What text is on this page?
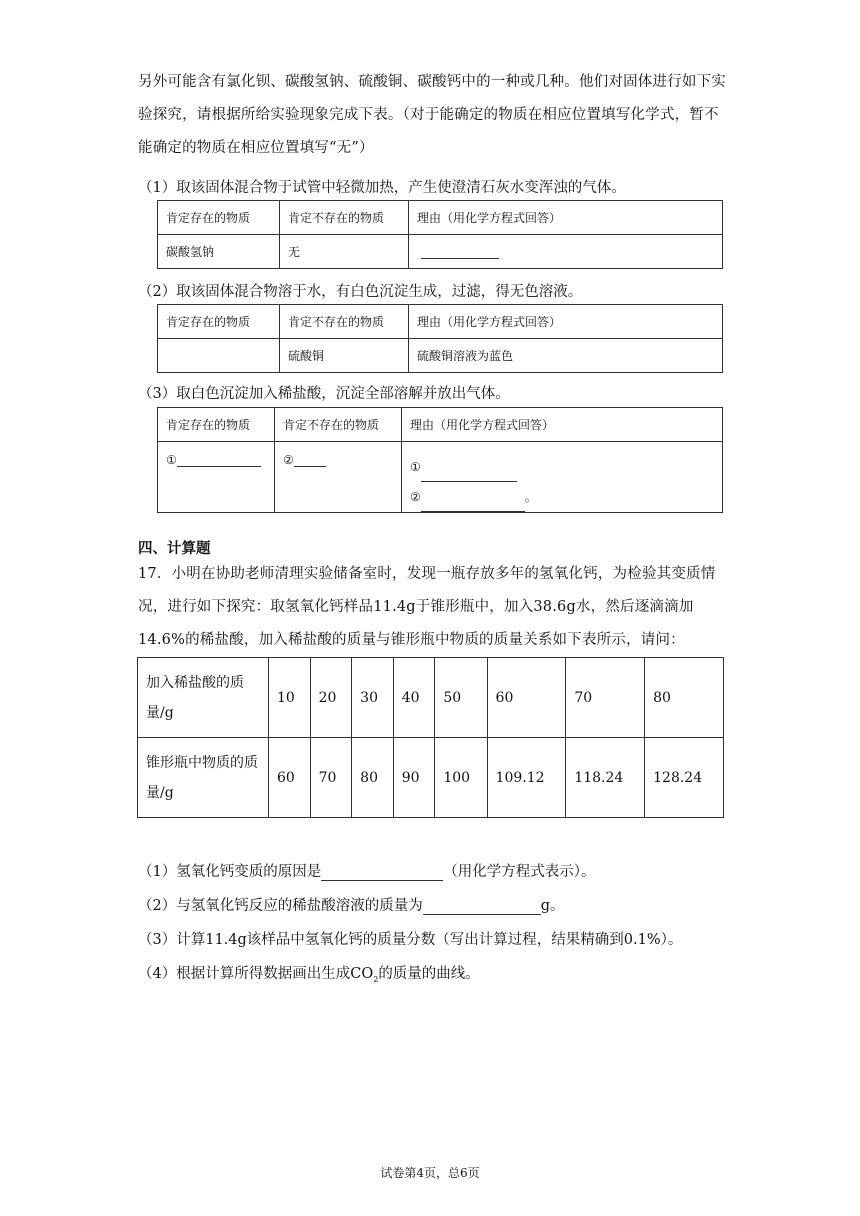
另外可能含有氯化钡、碳酸氢钠、硫酸铜、碳酸钙中的一种或几种。他们对固体进行如下实验探究，请根据所给实验现象完成下表。（对于能确定的物质在相应位置填写化学式，暂不能确定的物质在相应位置填写“无”）
（1）取该固体混合物于试管中轻微加热，产生使澄清石灰水变浑浊的气体。
肯定存在的物质	肯定不存在的物质	理由（用化学方程式回答）
碳酸氢钠	无	
（2）取该固体混合物溶于水，有白色沉淀生成，过滤，得无色溶液。
肯定存在的物质	肯定不存在的物质	理由（用化学方程式回答）
	硫酸铜	硫酸铜溶液为蓝色
（3）取白色沉淀加入稀盐酸，沉淀全部溶解并放出气体。
肯定存在的物质	肯定不存在的物质	理由（用化学方程式回答）
①	②	①
② 。
四、计算题
17．小明在协助老师清理实验储备室时，发现一瓶存放多年的氢氧化钙，为检验其变质情况，进行如下探究：取氢氧化钙样品11.4g于锥形瓶中，加入38.6g水，然后逐滴滴加14.6%的稀盐酸，加入稀盐酸的质量与锥形瓶中物质的质量关系如下表所示，请问：
加入稀盐酸的质量/g	10	20	30	40	50	60	70	80
锥形瓶中物质的质量/g	60	70	80	90	100	109.12	118.24	128.24
（1）氢氧化钙变质的原因是	（用化学方程式表示）。
（2）与氢氧化钙反应的稀盐酸溶液的质量为	g。
（3）计算11.4g该样品中氢氧化钙的质量分数（写出计算过程，结果精确到0.1%）。
（4）根据计算所得数据画出生成$CO_2$的质量的曲线。
试卷第4页，总6页
